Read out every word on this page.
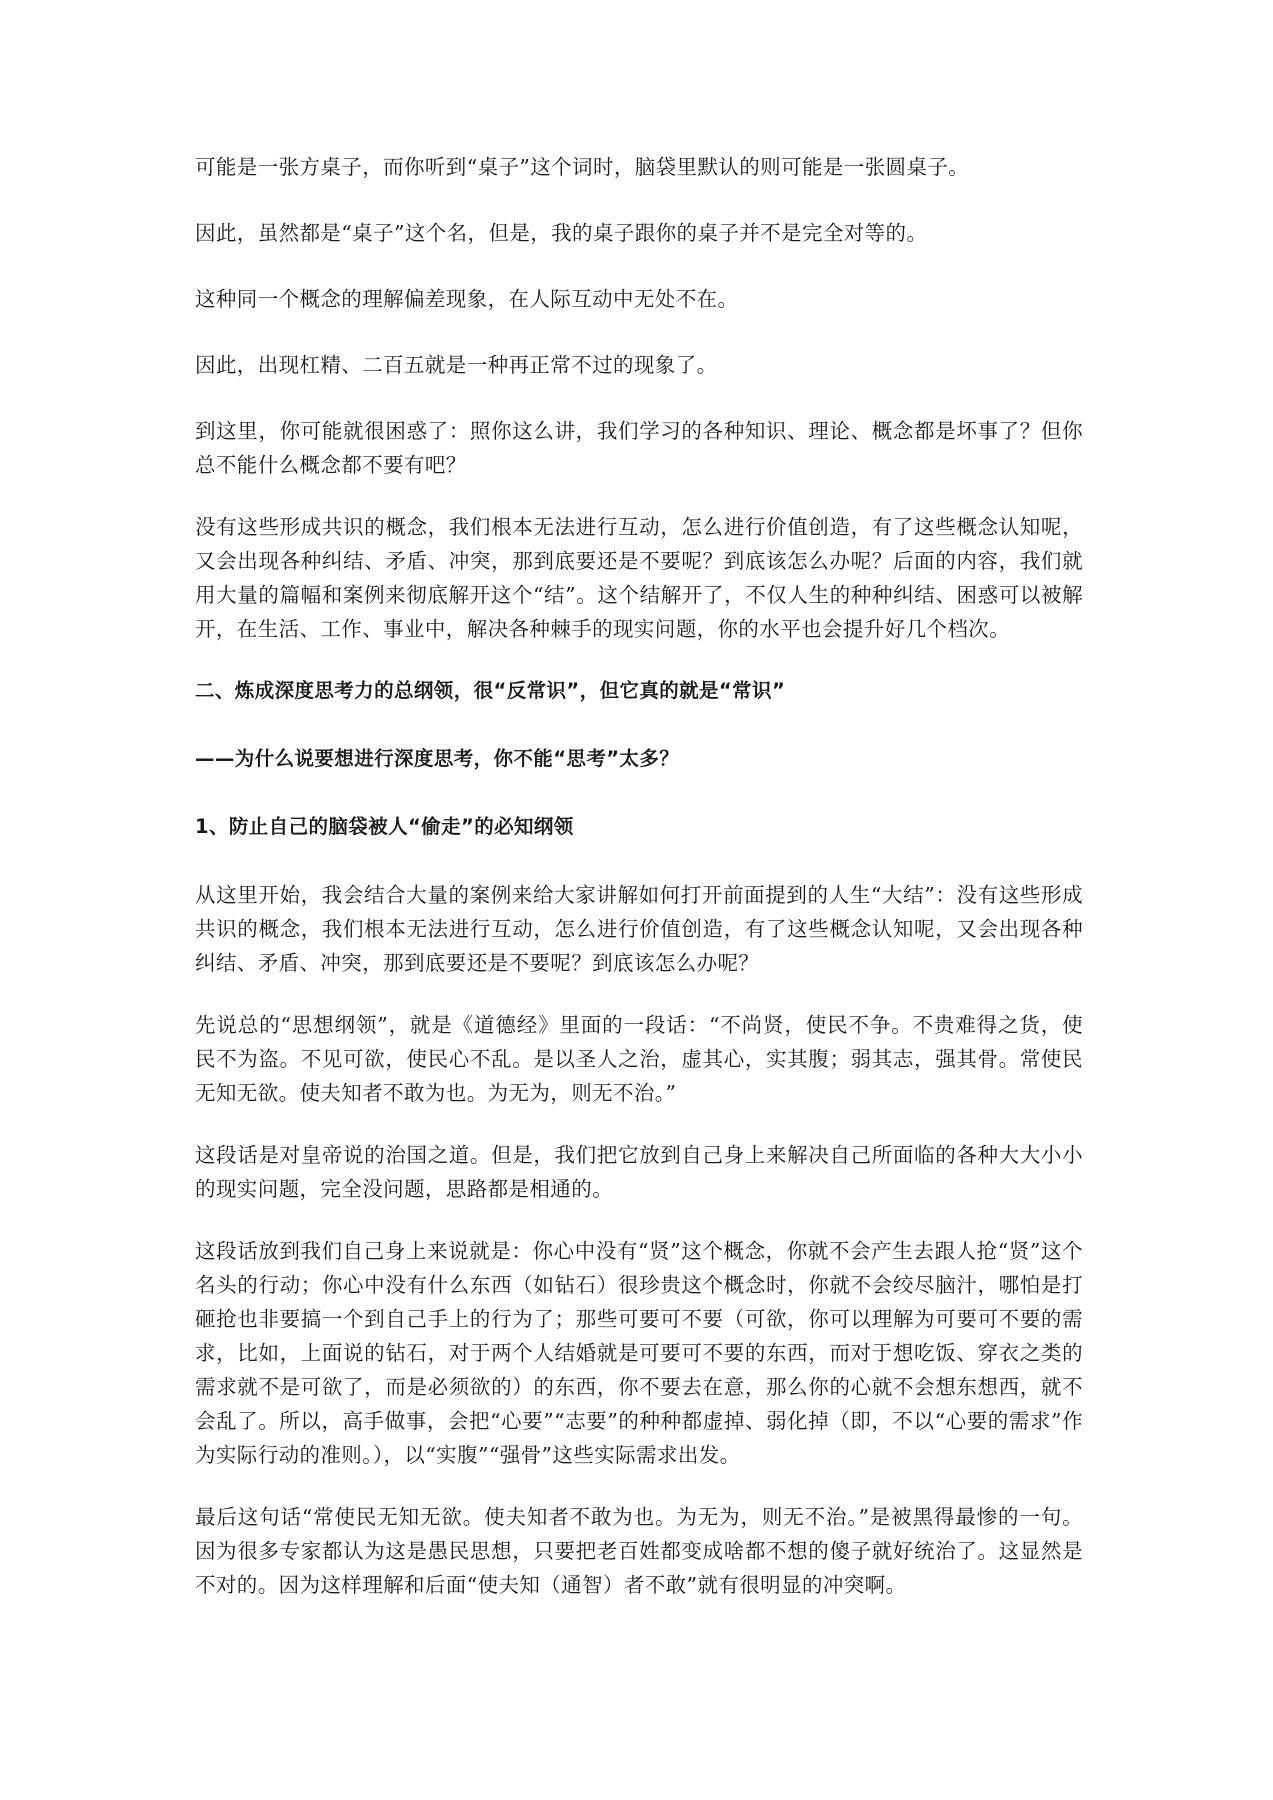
可能是一张方桌子，而你听到“桌子”这个词时，脑袋里默认的则可能是一张圆桌子。

因此，虽然都是“桌子”这个名，但是，我的桌子跟你的桌子并不是完全对等的。

这种同一个概念的理解偏差现象，在人际互动中无处不在。

因此，出现杠精、二百五就是一种再正常不过的现象了。

到这里，你可能就很困惑了：照你这么讲，我们学习的各种知识、理论、概念都是坏事了？但你总不能什么概念都不要有吧？

没有这些形成共识的概念，我们根本无法进行互动，怎么进行价值创造，有了这些概念认知呢，又会出现各种纠结、矛盾、冲突，那到底要还是不要呢？到底该怎么办呢？后面的内容，我们就用大量的篇幅和案例来彻底解开这个“结”。这个结解开了，不仅人生的种种纠结、困惑可以被解开，在生活、工作、事业中，解决各种棘手的现实问题，你的水平也会提升好几个档次。

二、炼成深度思考力的总纲领，很“反常识”，但它真的就是“常识”
——为什么说要想进行深度思考，你不能“思考”太多？
1、防止自己的脑袋被人“偷走”的必知纲领

从这里开始，我会结合大量的案例来给大家讲解如何打开前面提到的人生“大结”：没有这些形成共识的概念，我们根本无法进行互动，怎么进行价值创造，有了这些概念认知呢，又会出现各种纠结、矛盾、冲突，那到底要还是不要呢？到底该怎么办呢？

先说总的“思想纲领”，就是《道德经》里面的一段话：“不尚贤，使民不争。不贵难得之货，使民不为盗。不见可欲，使民心不乱。是以圣人之治，虚其心，实其腹；弱其志，强其骨。常使民无知无欲。使夫知者不敢为也。为无为，则无不治。”

这段话是对皇帝说的治国之道。但是，我们把它放到自己身上来解决自己所面临的各种大大小小的现实问题，完全没问题，思路都是相通的。

这段话放到我们自己身上来说就是：你心中没有“贤”这个概念，你就不会产生去跟人抢“贤”这个名头的行动；你心中没有什么东西（如钻石）很珍贵这个概念时，你就不会绞尽脑汁，哪怕是打砸抢也非要搞一个到自己手上的行为了；那些可要可不要（可欲，你可以理解为可要可不要的需求，比如，上面说的钻石，对于两个人结婚就是可要可不要的东西，而对于想吃饭、穿衣之类的需求就不是可欲了，而是必须欲的）的东西，你不要去在意，那么你的心就不会想东想西，就不会乱了。所以，高手做事，会把“心要”“志要”的种种都虚掉、弱化掉（即，不以“心要的需求”作为实际行动的准则。），以“实腹”“强骨”这些实际需求出发。

最后这句话“常使民无知无欲。使夫知者不敢为也。为无为，则无不治。”是被黑得最惨的一句。因为很多专家都认为这是愚民思想，只要把老百姓都变成啥都不想的傻子就好统治了。这显然是不对的。因为这样理解和后面“使夫知（通智）者不敢”就有很明显的冲突啊。
